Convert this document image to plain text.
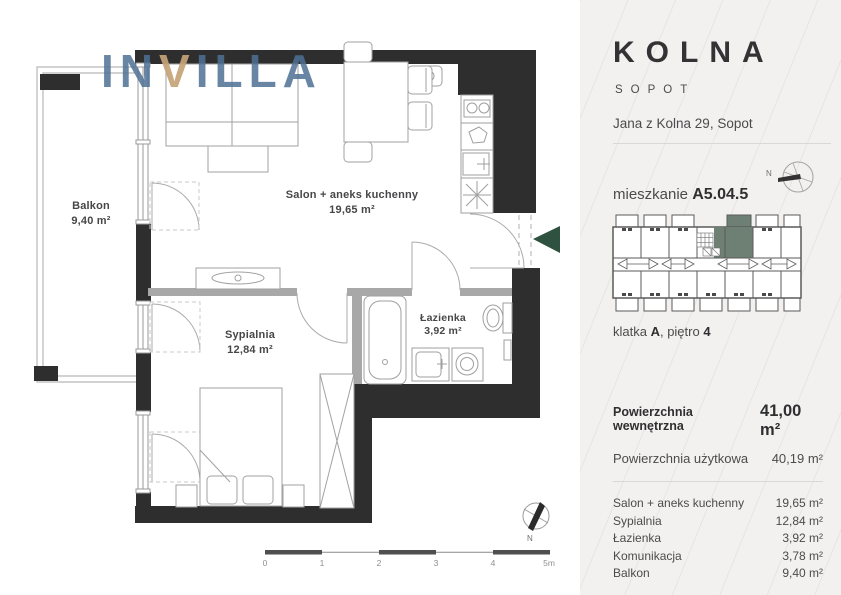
INVILLA
Balkon
9,40 m²
Salon + aneks kuchenny
19,65 m²
Sypialnia
12,84 m²
Łazienka
3,92 m²
0	1	2	3	4	5m
N
KOLNA
SOPOT
Jana z Kolna 29, Sopot
N
mieszkanie A5.04.5
klatka A, piętro 4
Powierzchnia wewnętrzna
41,00 m²
Powierzchnia użytkowa 40,19 m²
Salon + aneks kuchenny	19,65 m²
Sypialnia	12,84 m²
Łazienka	3,92 m²
Komunikacja	3,78 m²
Balkon	9,40 m²
